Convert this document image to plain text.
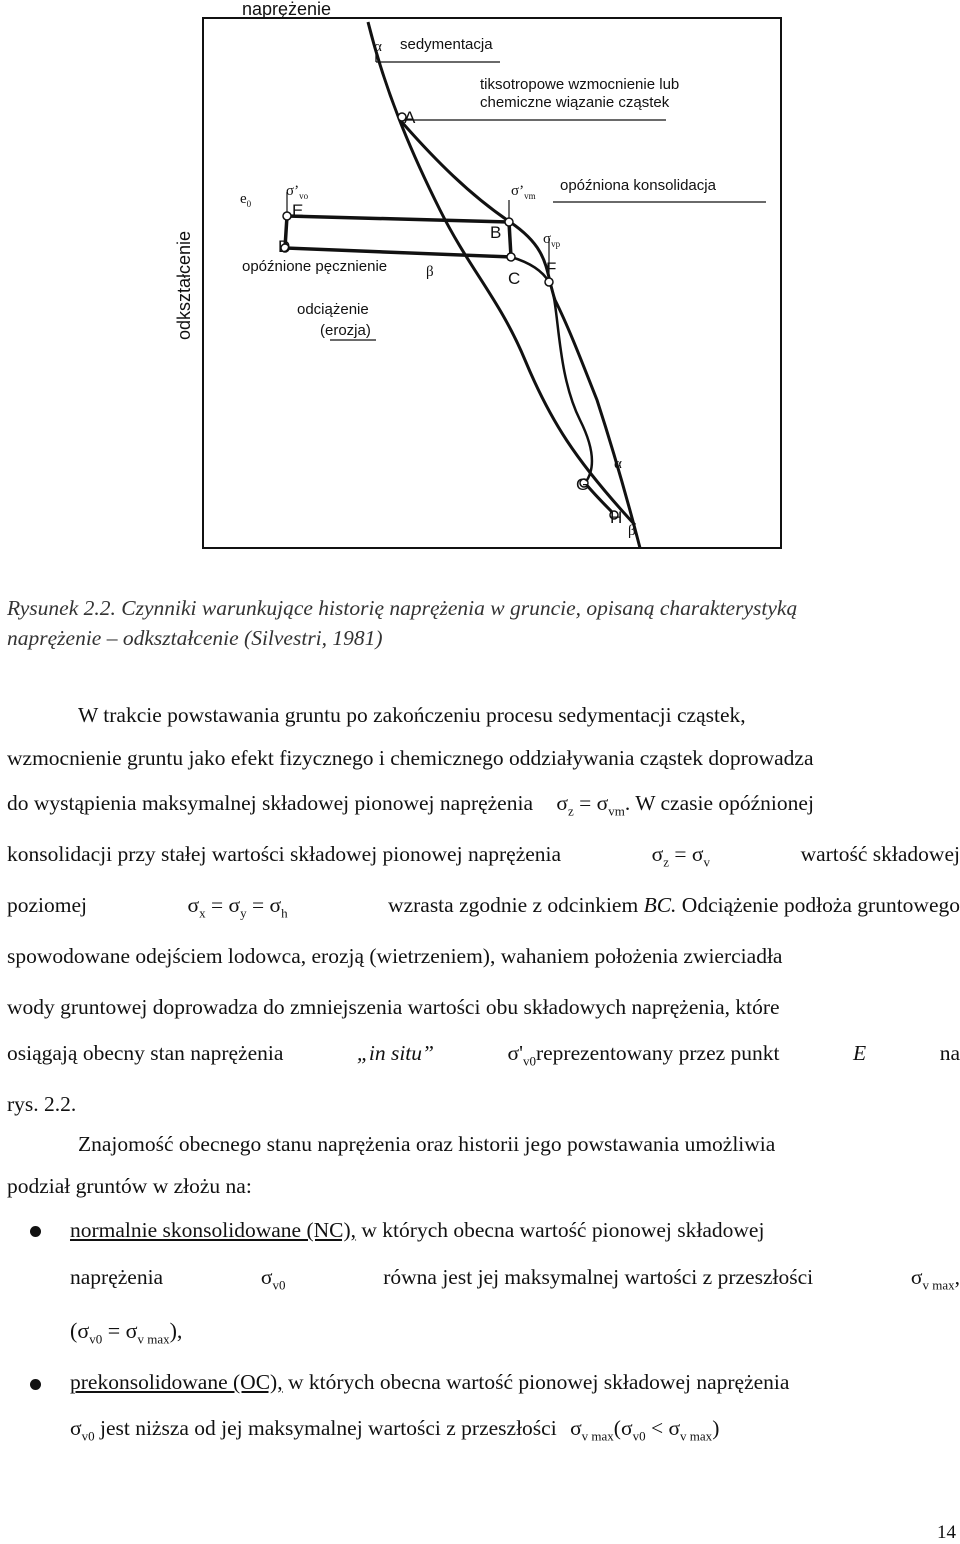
α sedymentacja
tiksotropowe wzmocnienie lub
chemiczne wiązanie cząstek
A
$e_0$
$\sigma’_{vo}$
E
D
opóźnione pęcznienie	β
odciążenie
(erozja)
$\sigma’_{vm}$
B
C
$\sigma_{vp}$
F
opóźniona konsolidacja
G
α
H
β
naprężenie
odkształcenie
Rysunek 2.2. Czynniki warunkujące historię naprężenia w gruncie, opisaną charakterystyką
naprężenie – odkształcenie (Silvestri, 1981)
W trakcie powstawania gruntu po zakończeniu procesu sedymentacji cząstek,
wzmocnienie gruntu jako efekt fizycznego i chemicznego oddziaływania cząstek doprowadza
do wystąpienia maksymalnej składowej pionowej naprężenia $\sigma_z = \sigma_{vm}$. W czasie opóźnionej
konsolidacji przy stałej wartości składowej pionowej naprężenia	$\sigma_z = \sigma_v$	wartość składowej
poziomej	$\sigma_x = \sigma_y = \sigma_h$	wzrasta zgodnie z odcinkiem BC. Odciążenie podłoża gruntowego
spowodowane odejściem lodowca, erozją (wietrzeniem), wahaniem położenia zwierciadła
wody gruntowej doprowadza do zmniejszenia wartości obu składowych naprężenia, które
osiągają obecny stan naprężenia	„in situ”	$\sigma'_{v0}reprezentowany$ przez punkt	E	na
rys. 2.2.
Znajomość obecnego stanu naprężenia oraz historii jego powstawania umożliwia
podział gruntów w złożu na:
normalnie skonsolidowane (NC), w których obecna wartość pionowej składowej
naprężenia	$\sigma_{v0}$	równa jest jej maksymalnej wartości z przeszłości	$\sigma_{v max}$,
$(\sigma_{v0} = \sigma_{v max})$,
prekonsolidowane (OC), w których obecna wartość pionowej składowej naprężenia
$\sigma_{v0}$ jest niższa od jej maksymalnej wartości z przeszłości $\sigma_{v max}(\sigma_{v0} < \sigma_{v max})$
14
